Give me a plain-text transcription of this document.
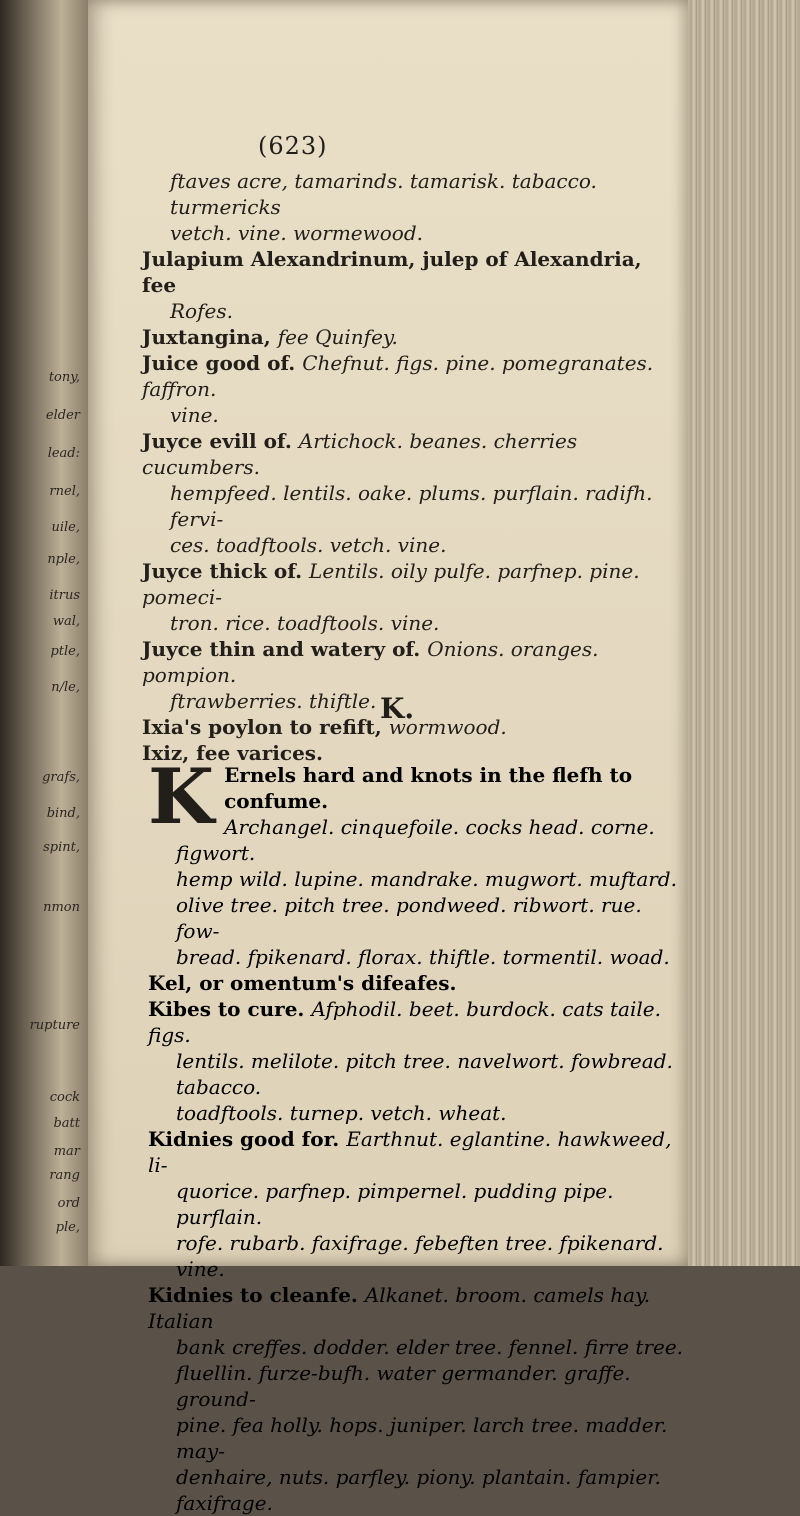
tony,
elder
lead:
rnel,
uile,
nple,
itrus
wal,
ptle,
n/le,
grafs,
bind,
spint,
nmon
rupture
cock
batt
mar
rang
ord
ple,
(623)

ftaves acre, tamarinds. tamarisk. tabacco. turmericks
vetch. vine. wormewood.

Julapium Alexandrinum, julep of Alexandria, fee
Rofes.

Juxtangina, fee Quinfey.

Juice good of. Chefnut. figs. pine. pomegranates. faffron.
vine.

Juyce evill of. Artichock. beanes. cherries cucumbers.
hempfeed. lentils. oake. plums. purflain. radifh. fervi-
ces. toadftools. vetch. vine.

Juyce thick of. Lentils. oily pulfe. parfnep. pine. pomeci-
tron. rice. toadftools. vine.

Juyce thin and watery of. Onions. oranges. pompion.
ftrawberries. thiftle.

Ixia's poylon to refift, wormwood.

Ixiz, fee varices.

K.

K Ernels hard and knots in the flefh to confume.
Archangel. cinquefoile. cocks head. corne. figwort.
hemp wild. lupine. mandrake. mugwort. muftard.
olive tree. pitch tree. pondweed. ribwort. rue. fow-
bread. fpikenard. florax. thiftle. tormentil. woad.

Kel, or omentum's difeafes.

Kibes to cure. Afphodil. beet. burdock. cats taile. figs.
lentils. melilote. pitch tree. navelwort. fowbread. tabacco.
toadftools. turnep. vetch. wheat.

Kidnies good for. Earthnut. eglantine. hawkweed, li-
quorice. parfnep. pimpernel. pudding pipe. purflain.
rofe. rubarb. faxifrage. febeften tree. fpikenard.
vine.

Kidnies to cleanfe. Alkanet. broom. camels hay. Italian
bank creffes. dodder. elder tree. fennel. firre tree.
fluellin. furze-bufh. water germander. graffe. ground-
pine. fea holly. hops. juniper. larch tree. madder. may-
denhaire, nuts. parfley. piony. plantain. fampier.
faxifrage.
